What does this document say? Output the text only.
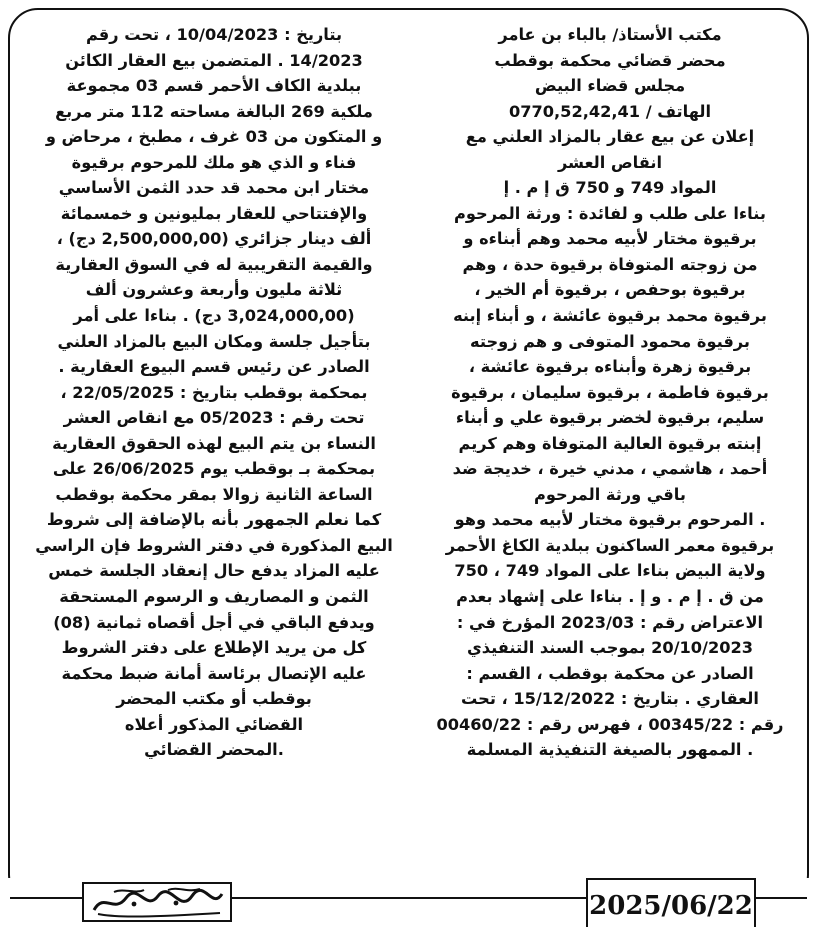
مكتب الأستاذ/ بالباء بن عامر
محضر قضائي محكمة بوقطب
مجلس قضاء البيض
الهاتف / 0770,52,42,41
إعلان عن بيع عقار بالمزاد العلني مع
انقاص العشر
المواد 749 و 750 ق إ م . إ
بناءا على طلب و لفائدة : ورثة المرحوم
برقيوة مختار لأبيه محمد وهم أبناءه و
من زوجته المتوفاة برقيوة حدة ، وهم
برقيوة بوحفص ، برقيوة أم الخير ،
برقيوة محمد برقيوة عائشة ، و أبناء إبنه
برقيوة محمود المتوفى و هم زوجته
برقيوة زهرة وأبناءه برقيوة عائشة ،
برقيوة فاطمة ، برقيوة سليمان ، برقيوة
سليم، برقيوة لخضر برقيوة علي و أبناء
إبنته برقيوة العالية المتوفاة وهم كريم
أحمد ، هاشمي ، مدني خيرة ، خديجة ضد
باقي ورثة المرحوم
. المرحوم برقيوة مختار لأبيه محمد وهو
برقيوة معمر الساكنون ببلدية الكاغ الأحمر
ولاية البيض بناءا على المواد 749 ، 750
من ق . إ م . و إ . بناءا على إشهاد بعدم
الاعتراض رقم : 2023/03 المؤرخ في :
20/10/2023 بموجب السند التنفيذي
الصادر عن محكمة بوقطب ، القسم :
العقاري . بتاريخ : 15/12/2022 ، تحت
رقم : 00345/22 ، فهرس رقم : 00460/22
. الممهور بالصيغة التنفيذية المسلمة
بتاريخ : 10/04/2023 ، تحت رقم
14/2023 . المتضمن بيع العقار الكائن
ببلدية الكاف الأحمر قسم 03 مجموعة
ملكية 269 البالغة مساحته 112 متر مربع
و المتكون من 03 غرف ، مطبخ ، مرحاض و
فناء و الذي هو ملك للمرحوم برقيوة
مختار ابن محمد قد حدد الثمن الأساسي
والإفتتاحي للعقار بمليونين و خمسمائة
ألف دينار جزائري (2,500,000,00 دج) ،
والقيمة التقريبية له في السوق العقارية
ثلاثة مليون وأربعة وعشرون ألف
(3,024,000,00 دج) . بناءا على أمر
بتأجيل جلسة ومكان البيع بالمزاد العلني
الصادر عن رئيس قسم البيوع العقارية .
بمحكمة بوقطب بتاريخ : 22/05/2025 ،
تحت رقم : 05/2023 مع انقاص العشر
النساء بن يتم البيع لهذه الحقوق العقارية
بمحكمة بـ بوقطب يوم 26/06/2025 على
الساعة الثانية زوالا بمقر محكمة بوقطب
كما نعلم الجمهور بأنه بالإضافة إلى شروط
البيع المذكورة في دفتر الشروط فإن الراسي
عليه المزاد يدفع حال إنعقاد الجلسة خمس
الثمن و المصاريف و الرسوم المستحقة
ويدفع الباقي في أجل أقصاه ثمانية (08)
كل من يريد الإطلاع على دفتر الشروط
عليه الإتصال برئاسة أمانة ضبط محكمة
بوقطب أو مكتب المحضر
القضائي المذكور أعلاه
.المحضر القضائي
2025/06/22
